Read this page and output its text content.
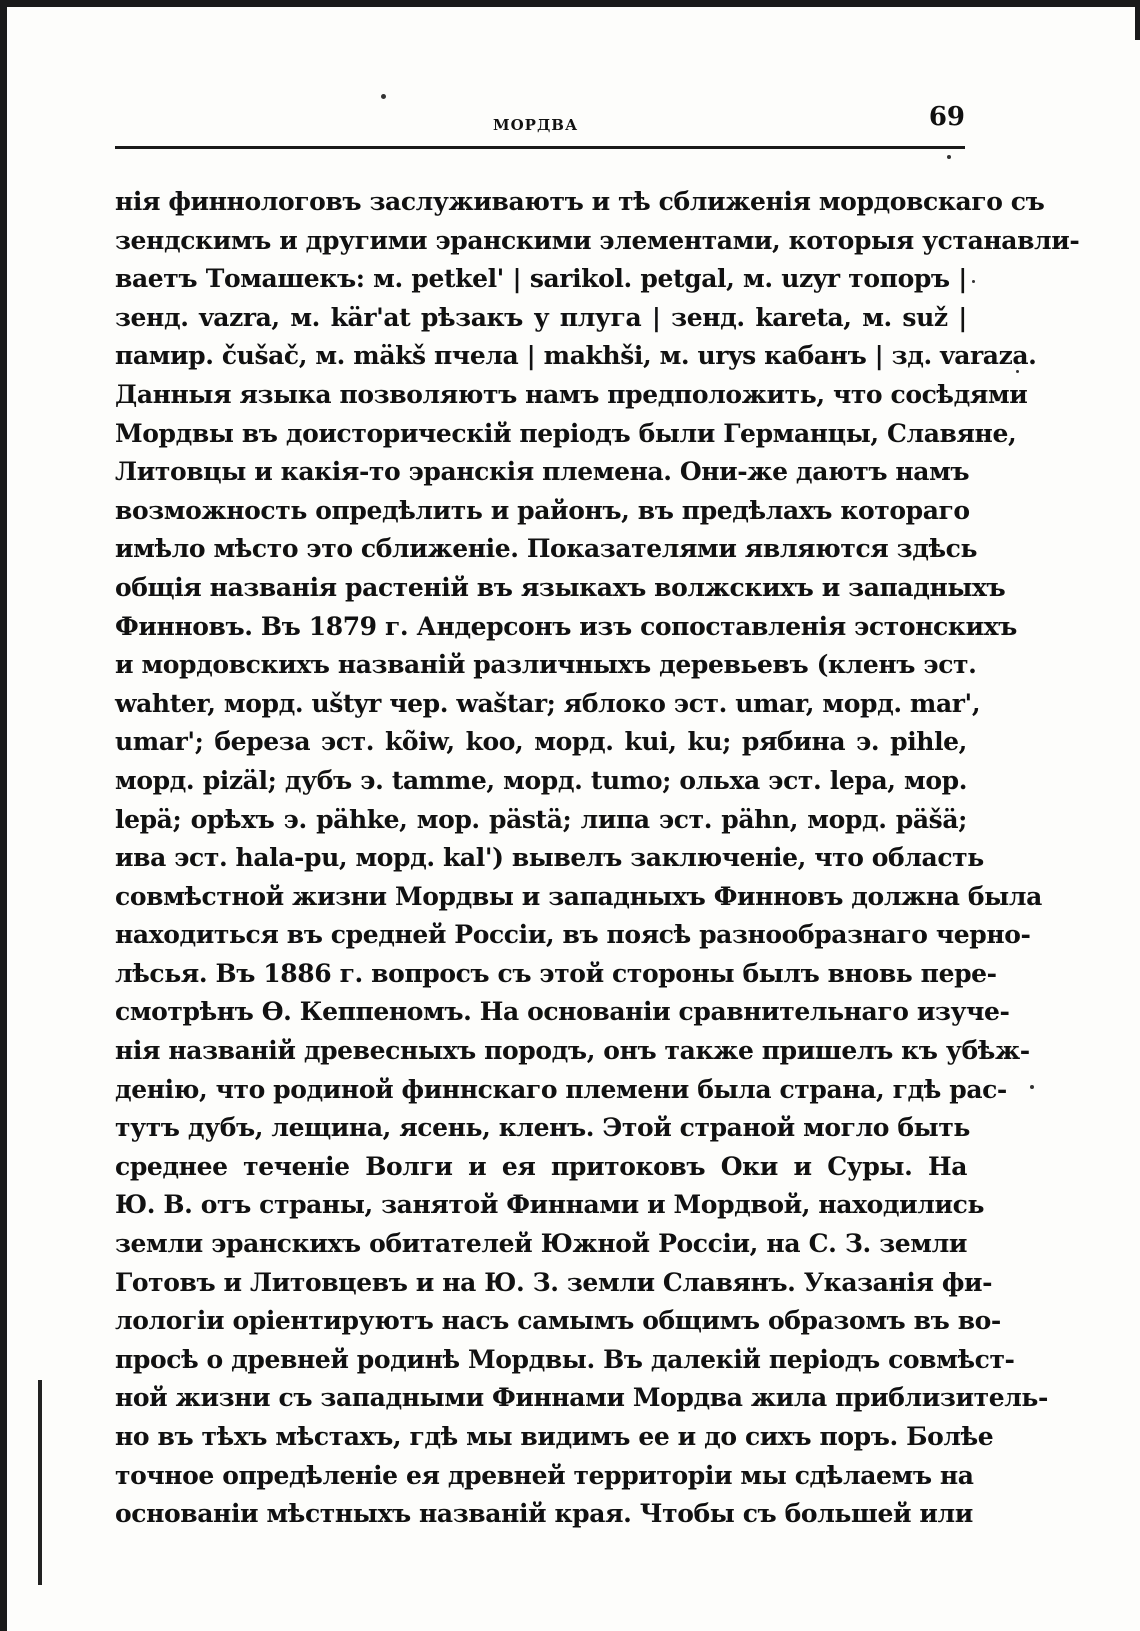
МОРДВА	69
нія финнологовъ заслуживаютъ и тѣ сближенія мордовскаго съ
зендскимъ и другими эранскими элементами, которыя устанавли-
ваетъ Томашекъ: м. petkel' | sarikol. petgal, м. uzyr топоръ |
зенд. vazra, м. kär'at рѣзакъ у плуга | зенд. kareta, м. suž |
памир. čušač, м. mäkš пчела | makhši, м. urys кабанъ | зд. varaza.
Данныя языка позволяютъ намъ предположить, что сосѣдями
Мордвы въ доисторическій періодъ были Германцы, Славяне,
Литовцы и какія-то эранскія племена. Они-же даютъ намъ
возможность опредѣлить и районъ, въ предѣлахъ котораго
имѣло мѣсто это сближеніе. Показателями являются здѣсь
общія названія растеній въ языкахъ волжскихъ и западныхъ
Финновъ. Въ 1879 г. Андерсонъ изъ сопоставленія эстонскихъ
и мордовскихъ названій различныхъ деревьевъ (кленъ эст.
wahter, морд. uštyr чер. waštar; яблоко эст. umar, морд. mar',
umar'; береза эст. kõiw, koo, морд. kui, ku; рябина э. pihle,
морд. pizäl; дубъ э. tamme, морд. tumo; ольха эст. lepa, мор.
lepä; орѣхъ э. pähke, мор. pästä; липа эст. pähn, морд. päšä;
ива эст. hala-pu, морд. kal') вывелъ заключеніе, что область
совмѣстной жизни Мордвы и западныхъ Финновъ должна была
находиться въ средней Россіи, въ поясѣ разнообразнаго черно-
лѣсья. Въ 1886 г. вопросъ съ этой стороны былъ вновь пере-
смотрѣнъ Ѳ. Кеппеномъ. На основаніи сравнительнаго изуче-
нія названій древесныхъ породъ, онъ также пришелъ къ убѣж-
денію, что родиной финнскаго племени была страна, гдѣ рас-
тутъ дубъ, лещина, ясень, кленъ. Этой страной могло быть
среднее теченіе Волги и ея притоковъ Оки и Суры. На
Ю. В. отъ страны, занятой Финнами и Мордвой, находились
земли эранскихъ обитателей Южной Россіи, на С. З. земли
Готовъ и Литовцевъ и на Ю. З. земли Славянъ. Указанія фи-
лологіи оріентируютъ насъ самымъ общимъ образомъ въ во-
просѣ о древней родинѣ Мордвы. Въ далекій періодъ совмѣст-
ной жизни съ западными Финнами Мордва жила приблизитель-
но въ тѣхъ мѣстахъ, гдѣ мы видимъ ее и до сихъ поръ. Болѣе
точное опредѣленіе ея древней территоріи мы сдѣлаемъ на
основаніи мѣстныхъ названій края. Чтобы съ большей или
